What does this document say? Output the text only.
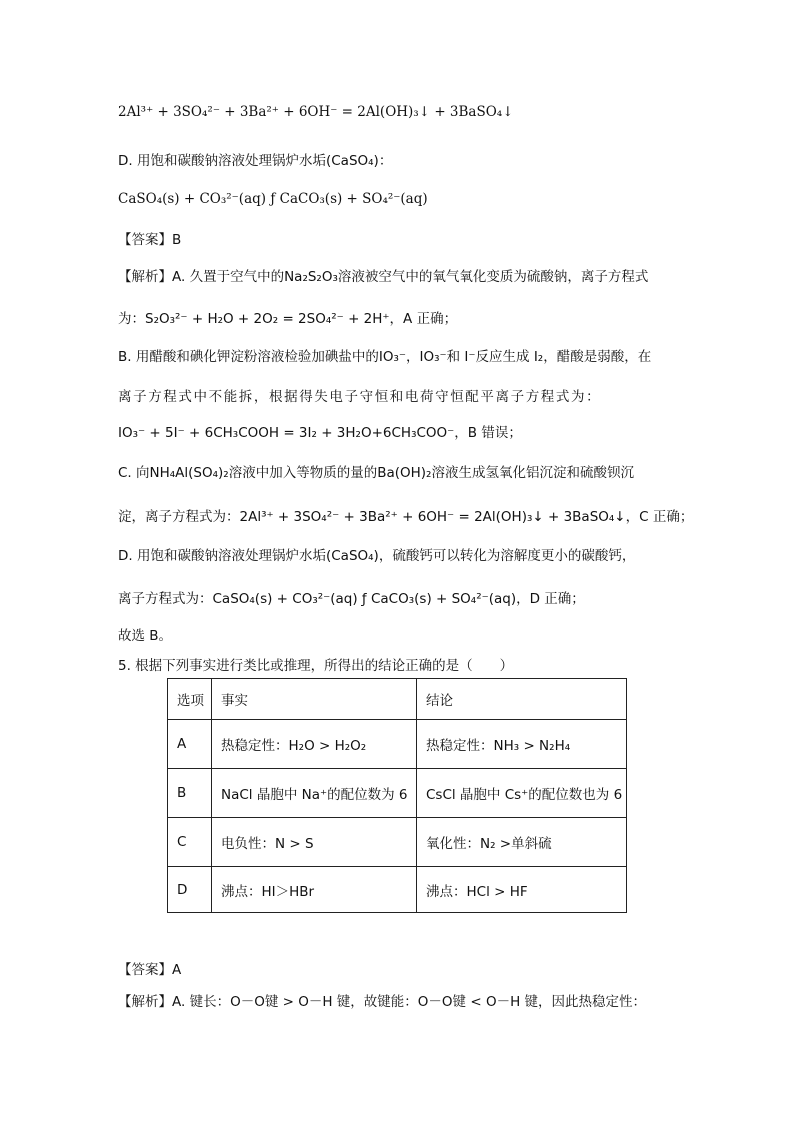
2Al³⁺ + 3SO₄²⁻ + 3Ba²⁺ + 6OH⁻ = 2Al(OH)₃↓ + 3BaSO₄↓
D. 用饱和碳酸钠溶液处理锅炉水垢(CaSO₄)：
CaSO₄(s) + CO₃²⁻(aq) ƒ CaCO₃(s) + SO₄²⁻(aq)
【答案】B
【解析】A. 久置于空气中的Na₂S₂O₃溶液被空气中的氧气氧化变质为硫酸钠，离子方程式
为：S₂O₃²⁻ + H₂O + 2O₂ = 2SO₄²⁻ + 2H⁺，A 正确；
B. 用醋酸和碘化钾淀粉溶液检验加碘盐中的IO₃⁻，IO₃⁻和 I⁻反应生成 I₂，醋酸是弱酸，在
离子方程式中不能拆，根据得失电子守恒和电荷守恒配平离子方程式为：
IO₃⁻ + 5I⁻ + 6CH₃COOH = 3I₂ + 3H₂O+6CH₃COO⁻，B 错误；
C. 向NH₄Al(SO₄)₂溶液中加入等物质的量的Ba(OH)₂溶液生成氢氧化铝沉淀和硫酸钡沉
淀，离子方程式为：2Al³⁺ + 3SO₄²⁻ + 3Ba²⁺ + 6OH⁻ = 2Al(OH)₃↓ + 3BaSO₄↓，C 正确；
D. 用饱和碳酸钠溶液处理锅炉水垢(CaSO₄)，硫酸钙可以转化为溶解度更小的碳酸钙，
离子方程式为：CaSO₄(s) + CO₃²⁻(aq) ƒ CaCO₃(s) + SO₄²⁻(aq)，D 正确；
故选 B。
5. 根据下列事实进行类比或推理，所得出的结论正确的是（　　）
选项	事实	结论
A	热稳定性：H₂O > H₂O₂	热稳定性：NH₃ > N₂H₄
B	NaCl 晶胞中 Na⁺的配位数为 6	CsCl 晶胞中 Cs⁺的配位数也为 6
C	电负性：N > S	氧化性：N₂ >单斜硫
D	沸点：HI＞HBr	沸点：HCl > HF
【答案】A
【解析】A. 键长：O－O键 > O－H 键，故键能：O－O键 < O－H 键，因此热稳定性：
